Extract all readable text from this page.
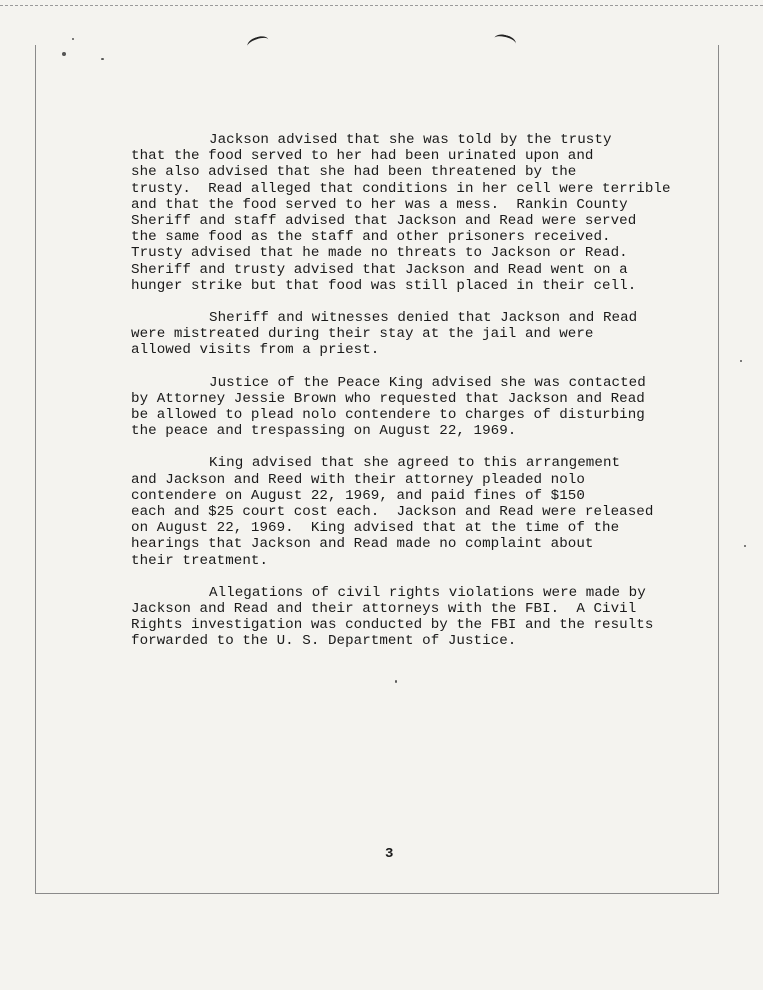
Jackson advised that she was told by the trusty
that the food served to her had been urinated upon and
she also advised that she had been threatened by the
trusty.  Read alleged that conditions in her cell were terrible
and that the food served to her was a mess.  Rankin County
Sheriff and staff advised that Jackson and Read were served
the same food as the staff and other prisoners received.
Trusty advised that he made no threats to Jackson or Read.
Sheriff and trusty advised that Jackson and Read went on a
hunger strike but that food was still placed in their cell.
Sheriff and witnesses denied that Jackson and Read
were mistreated during their stay at the jail and were
allowed visits from a priest.
Justice of the Peace King advised she was contacted
by Attorney Jessie Brown who requested that Jackson and Read
be allowed to plead nolo contendere to charges of disturbing
the peace and trespassing on August 22, 1969.
King advised that she agreed to this arrangement
and Jackson and Reed with their attorney pleaded nolo
contendere on August 22, 1969, and paid fines of $150
each and $25 court cost each.  Jackson and Read were released
on August 22, 1969.  King advised that at the time of the
hearings that Jackson and Read made no complaint about
their treatment.
Allegations of civil rights violations were made by
Jackson and Read and their attorneys with the FBI.  A Civil
Rights investigation was conducted by the FBI and the results
forwarded to the U. S. Department of Justice.
3
